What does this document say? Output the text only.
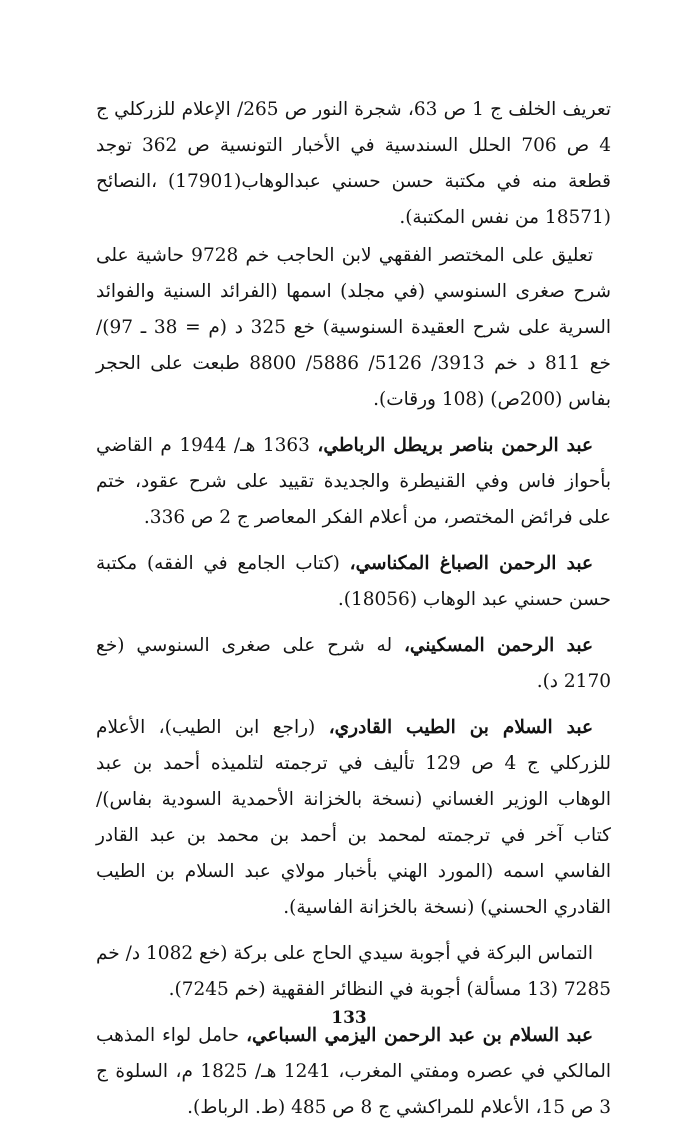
تعريف الخلف ج 1 ص 63، شجرة النور ص 265/ الإعلام للزركلي ج 4 ص 706 الحلل السندسية في الأخبار التونسية ص 362 توجد قطعة منه في مكتبة حسن حسني عبدالوهاب(17901) ،النصائح (18571 من نفس المكتبة).

تعليق على المختصر الفقهي لابن الحاجب خم 9728 حاشية على شرح صغرى السنوسي (في مجلد) اسمها (الفرائد السنية والفوائد السرية على شرح العقيدة السنوسية) خع 325 د (م = 38 ـ 97)/ خع 811 د خم 3913/ 5126/ 5886/ 8800 طبعت على الحجر بفاس (200ص) (108 ورقات).

عبد الرحمن بناصر بريطل الرباطي، 1363 هـ/ 1944 م القاضي بأحواز فاس وفي القنيطرة والجديدة تقييد على شرح عقود، ختم على فرائض المختصر، من أعلام الفكر المعاصر ج 2 ص 336.

عبد الرحمن الصباغ المكناسي، (كتاب الجامع في الفقه) مكتبة حسن حسني عبد الوهاب (18056).

عبد الرحمن المسكيني، له شرح على صغرى السنوسي (خع 2170 د).

عبد السلام بن الطيب القادري، (راجع ابن الطيب)، الأعلام للزركلي ج 4 ص 129 تأليف في ترجمته لتلميذه أحمد بن عبد الوهاب الوزير الغساني (نسخة بالخزانة الأحمدية السودية بفاس)/ كتاب آخر في ترجمته لمحمد بن أحمد بن محمد بن عبد القادر الفاسي اسمه (المورد الهني بأخبار مولاي عبد السلام بن الطيب القادري الحسني) (نسخة بالخزانة الفاسية).

التماس البركة في أجوبة سيدي الحاج على بركة (خع 1082 د/ خم 7285 (13 مسألة) أجوبة في النظائر الفقهية (خم 7245).

عبد السلام بن عبد الرحمن اليزمي السباعي، حامل لواء المذهب المالكي في عصره ومفتي المغرب، 1241 هـ/ 1825 م، السلوة ج 3 ص 15، الأعلام للمراكشي ج 8 ص 485 (ط. الرباط).

133
